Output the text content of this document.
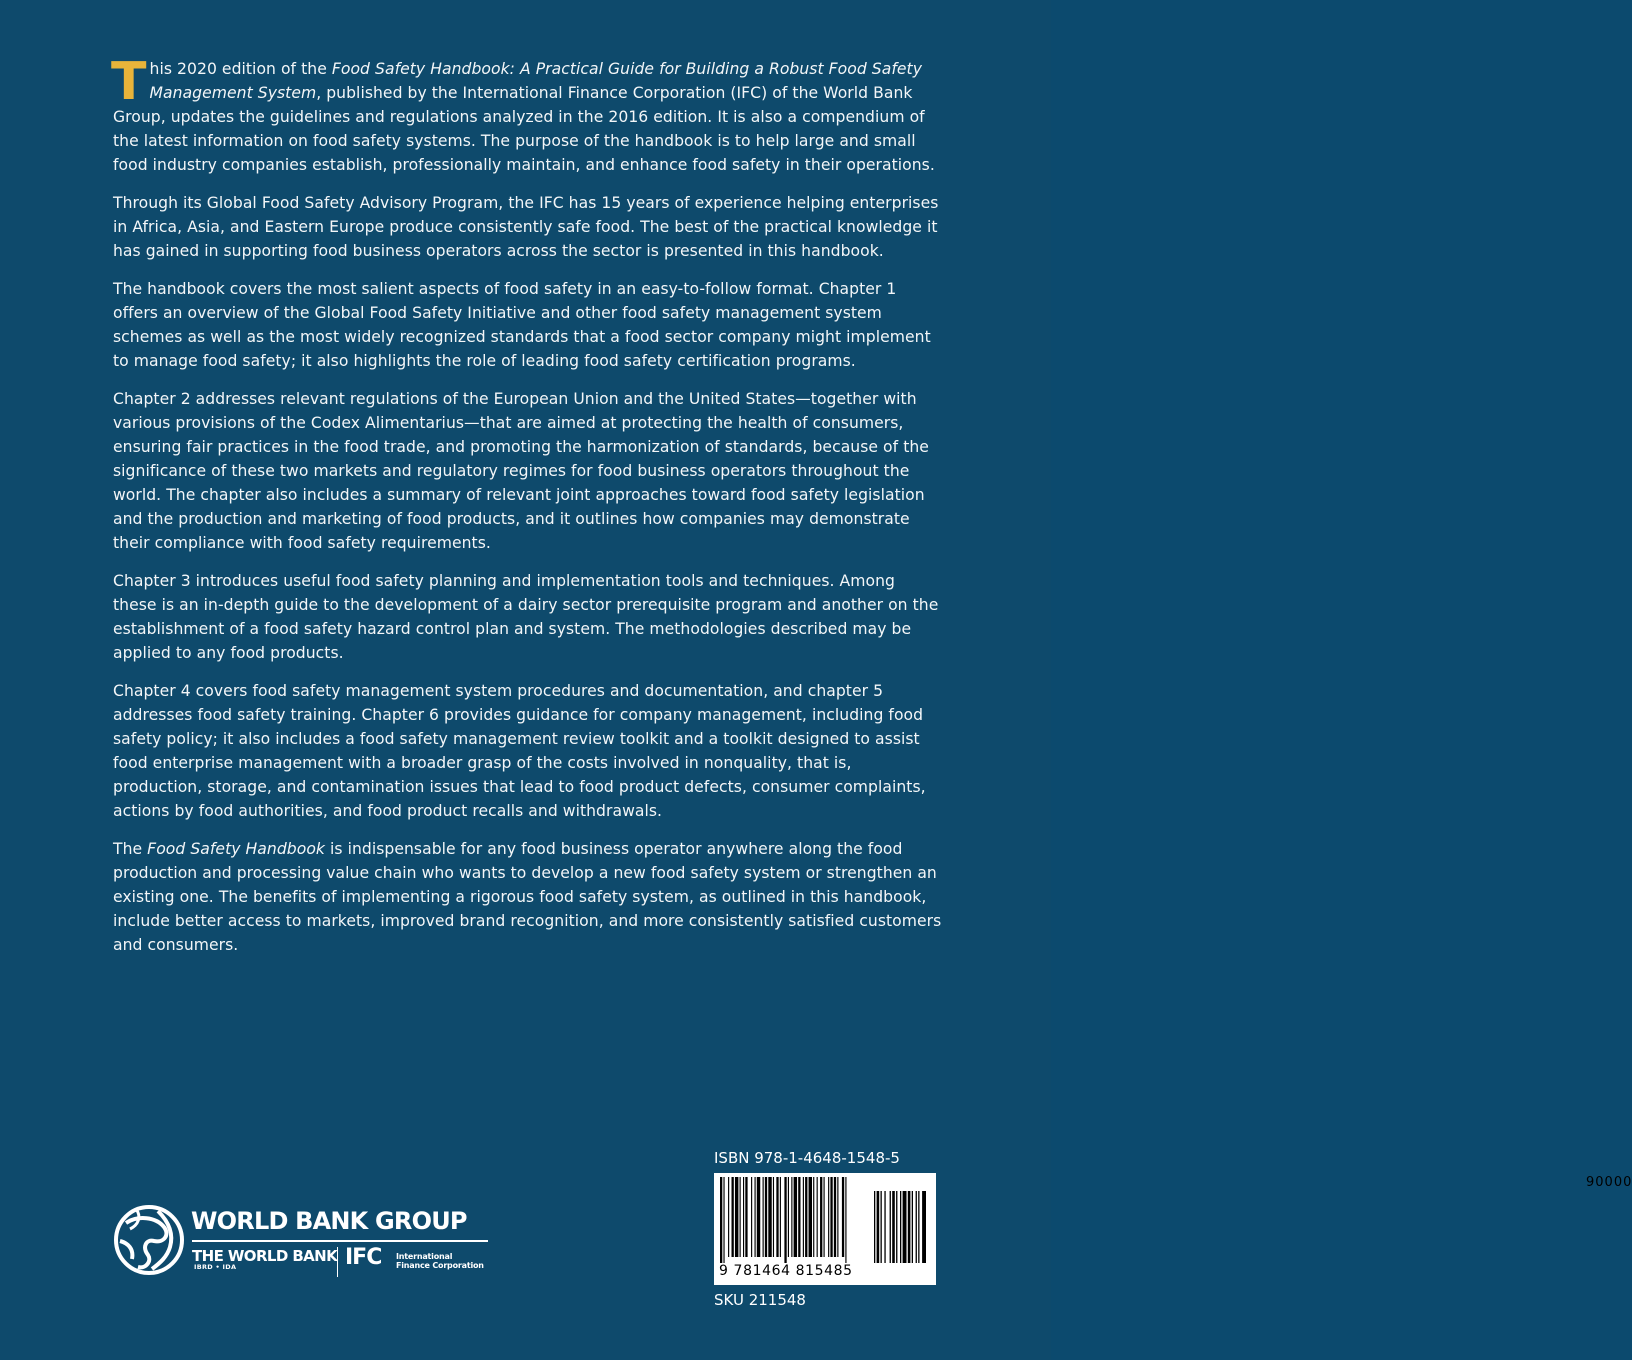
This 2020 edition of the Food Safety Handbook: A Practical Guide for Building a Robust Food Safety Management System, published by the International Finance Corporation (IFC) of the World Bank Group, updates the guidelines and regulations analyzed in the 2016 edition. It is also a compendium of the latest information on food safety systems. The purpose of the handbook is to help large and small food industry companies establish, professionally maintain, and enhance food safety in their operations.

Through its Global Food Safety Advisory Program, the IFC has 15 years of experience helping enterprises in Africa, Asia, and Eastern Europe produce consistently safe food. The best of the practical knowledge it has gained in supporting food business operators across the sector is presented in this handbook.

The handbook covers the most salient aspects of food safety in an easy-to-follow format. Chapter 1 offers an overview of the Global Food Safety Initiative and other food safety management system schemes as well as the most widely recognized standards that a food sector company might implement to manage food safety; it also highlights the role of leading food safety certification programs.

Chapter 2 addresses relevant regulations of the European Union and the United States—together with various provisions of the Codex Alimentarius—that are aimed at protecting the health of consumers, ensuring fair practices in the food trade, and promoting the harmonization of standards, because of the significance of these two markets and regulatory regimes for food business operators throughout the world. The chapter also includes a summary of relevant joint approaches toward food safety legislation and the production and marketing of food products, and it outlines how companies may demonstrate their compliance with food safety requirements.

Chapter 3 introduces useful food safety planning and implementation tools and techniques. Among these is an in-depth guide to the development of a dairy sector prerequisite program and another on the establishment of a food safety hazard control plan and system. The methodologies described may be applied to any food products.

Chapter 4 covers food safety management system procedures and documentation, and chapter 5 addresses food safety training. Chapter 6 provides guidance for company management, including food safety policy; it also includes a food safety management review toolkit and a toolkit designed to assist food enterprise management with a broader grasp of the costs involved in nonquality, that is, production, storage, and contamination issues that lead to food product defects, consumer complaints, actions by food authorities, and food product recalls and withdrawals.

The Food Safety Handbook is indispensable for any food business operator anywhere along the food production and processing value chain who wants to develop a new food safety system or strengthen an existing one. The benefits of implementing a rigorous food safety system, as outlined in this handbook, include better access to markets, improved brand recognition, and more consistently satisfied customers and consumers.

WORLD BANK GROUP
THE WORLD BANK
IBRD • IDA	IFC International
Finance Corporation
ISBN 978-1-4648-1548-5
90000
9 781464 815485
SKU 211548
